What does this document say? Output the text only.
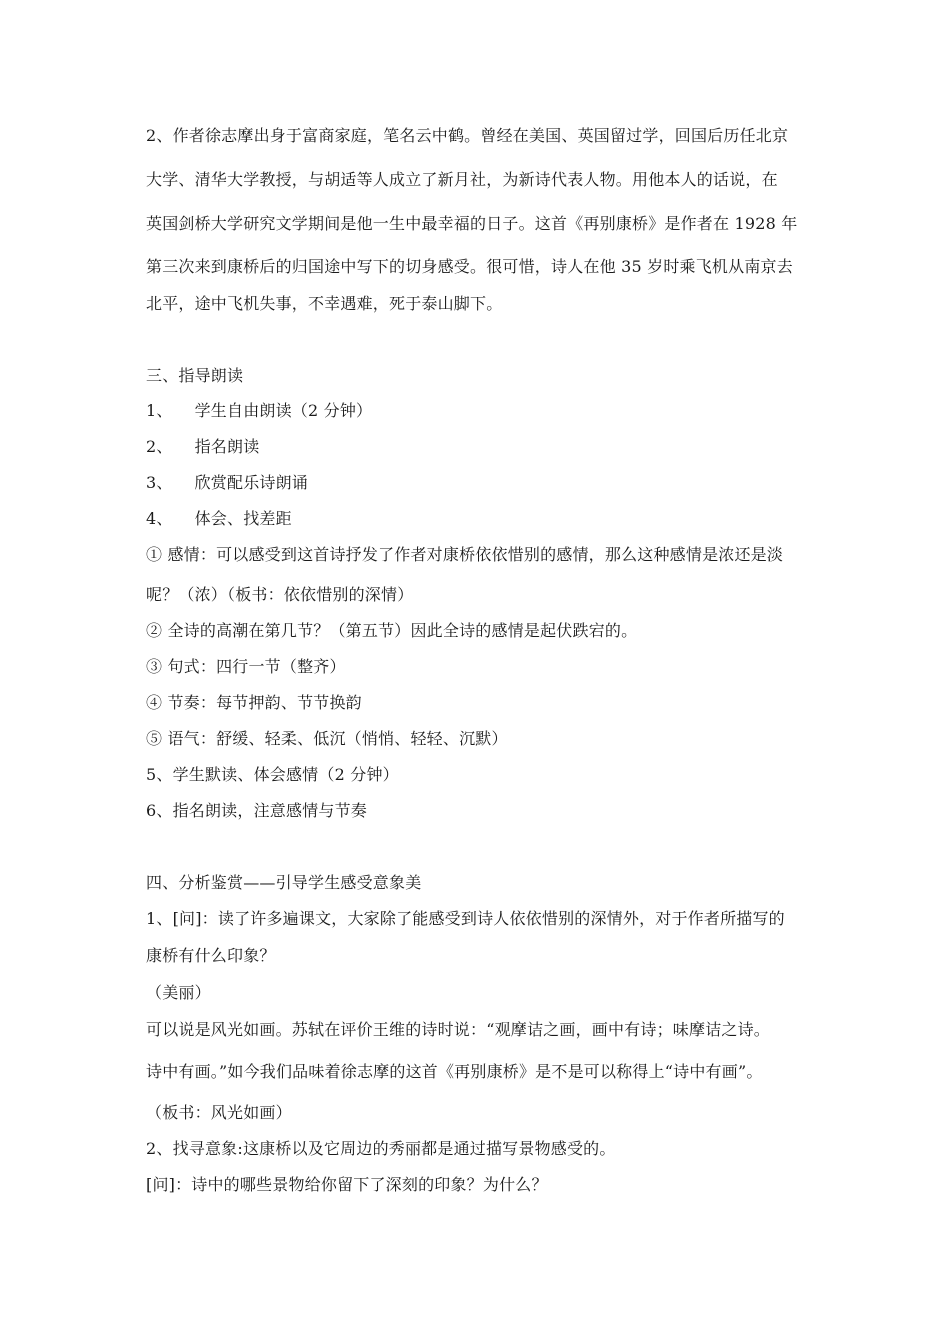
2、作者徐志摩出身于富商家庭，笔名云中鹤。曾经在美国、英国留过学，回国后历任北京
大学、清华大学教授，与胡适等人成立了新月社，为新诗代表人物。用他本人的话说，在
英国剑桥大学研究文学期间是他一生中最幸福的日子。这首《再别康桥》是作者在 1928 年
第三次来到康桥后的归国途中写下的切身感受。很可惜，诗人在他 35 岁时乘飞机从南京去
北平，途中飞机失事，不幸遇难，死于泰山脚下。
三、指导朗读
1、 学生自由朗读（2 分钟）
2、 指名朗读
3、 欣赏配乐诗朗诵
4、 体会、找差距
① 感情：可以感受到这首诗抒发了作者对康桥依依惜别的感情，那么这种感情是浓还是淡
呢？（浓）（板书：依依惜别的深情）
② 全诗的高潮在第几节？（第五节）因此全诗的感情是起伏跌宕的。
③ 句式：四行一节（整齐）
④ 节奏：每节押韵、节节换韵
⑤ 语气：舒缓、轻柔、低沉（悄悄、轻轻、沉默）
5、学生默读、体会感情（2 分钟）
6、指名朗读，注意感情与节奏
四、分析鉴赏——引导学生感受意象美
1、[问]：读了许多遍课文，大家除了能感受到诗人依依惜别的深情外，对于作者所描写的
康桥有什么印象？
（美丽）
可以说是风光如画。苏轼在评价王维的诗时说：“观摩诘之画，画中有诗；味摩诘之诗。
诗中有画。”如今我们品味着徐志摩的这首《再别康桥》是不是可以称得上“诗中有画”。
（板书：风光如画）
2、找寻意象:这康桥以及它周边的秀丽都是通过描写景物感受的。
[问]：诗中的哪些景物给你留下了深刻的印象？为什么？
